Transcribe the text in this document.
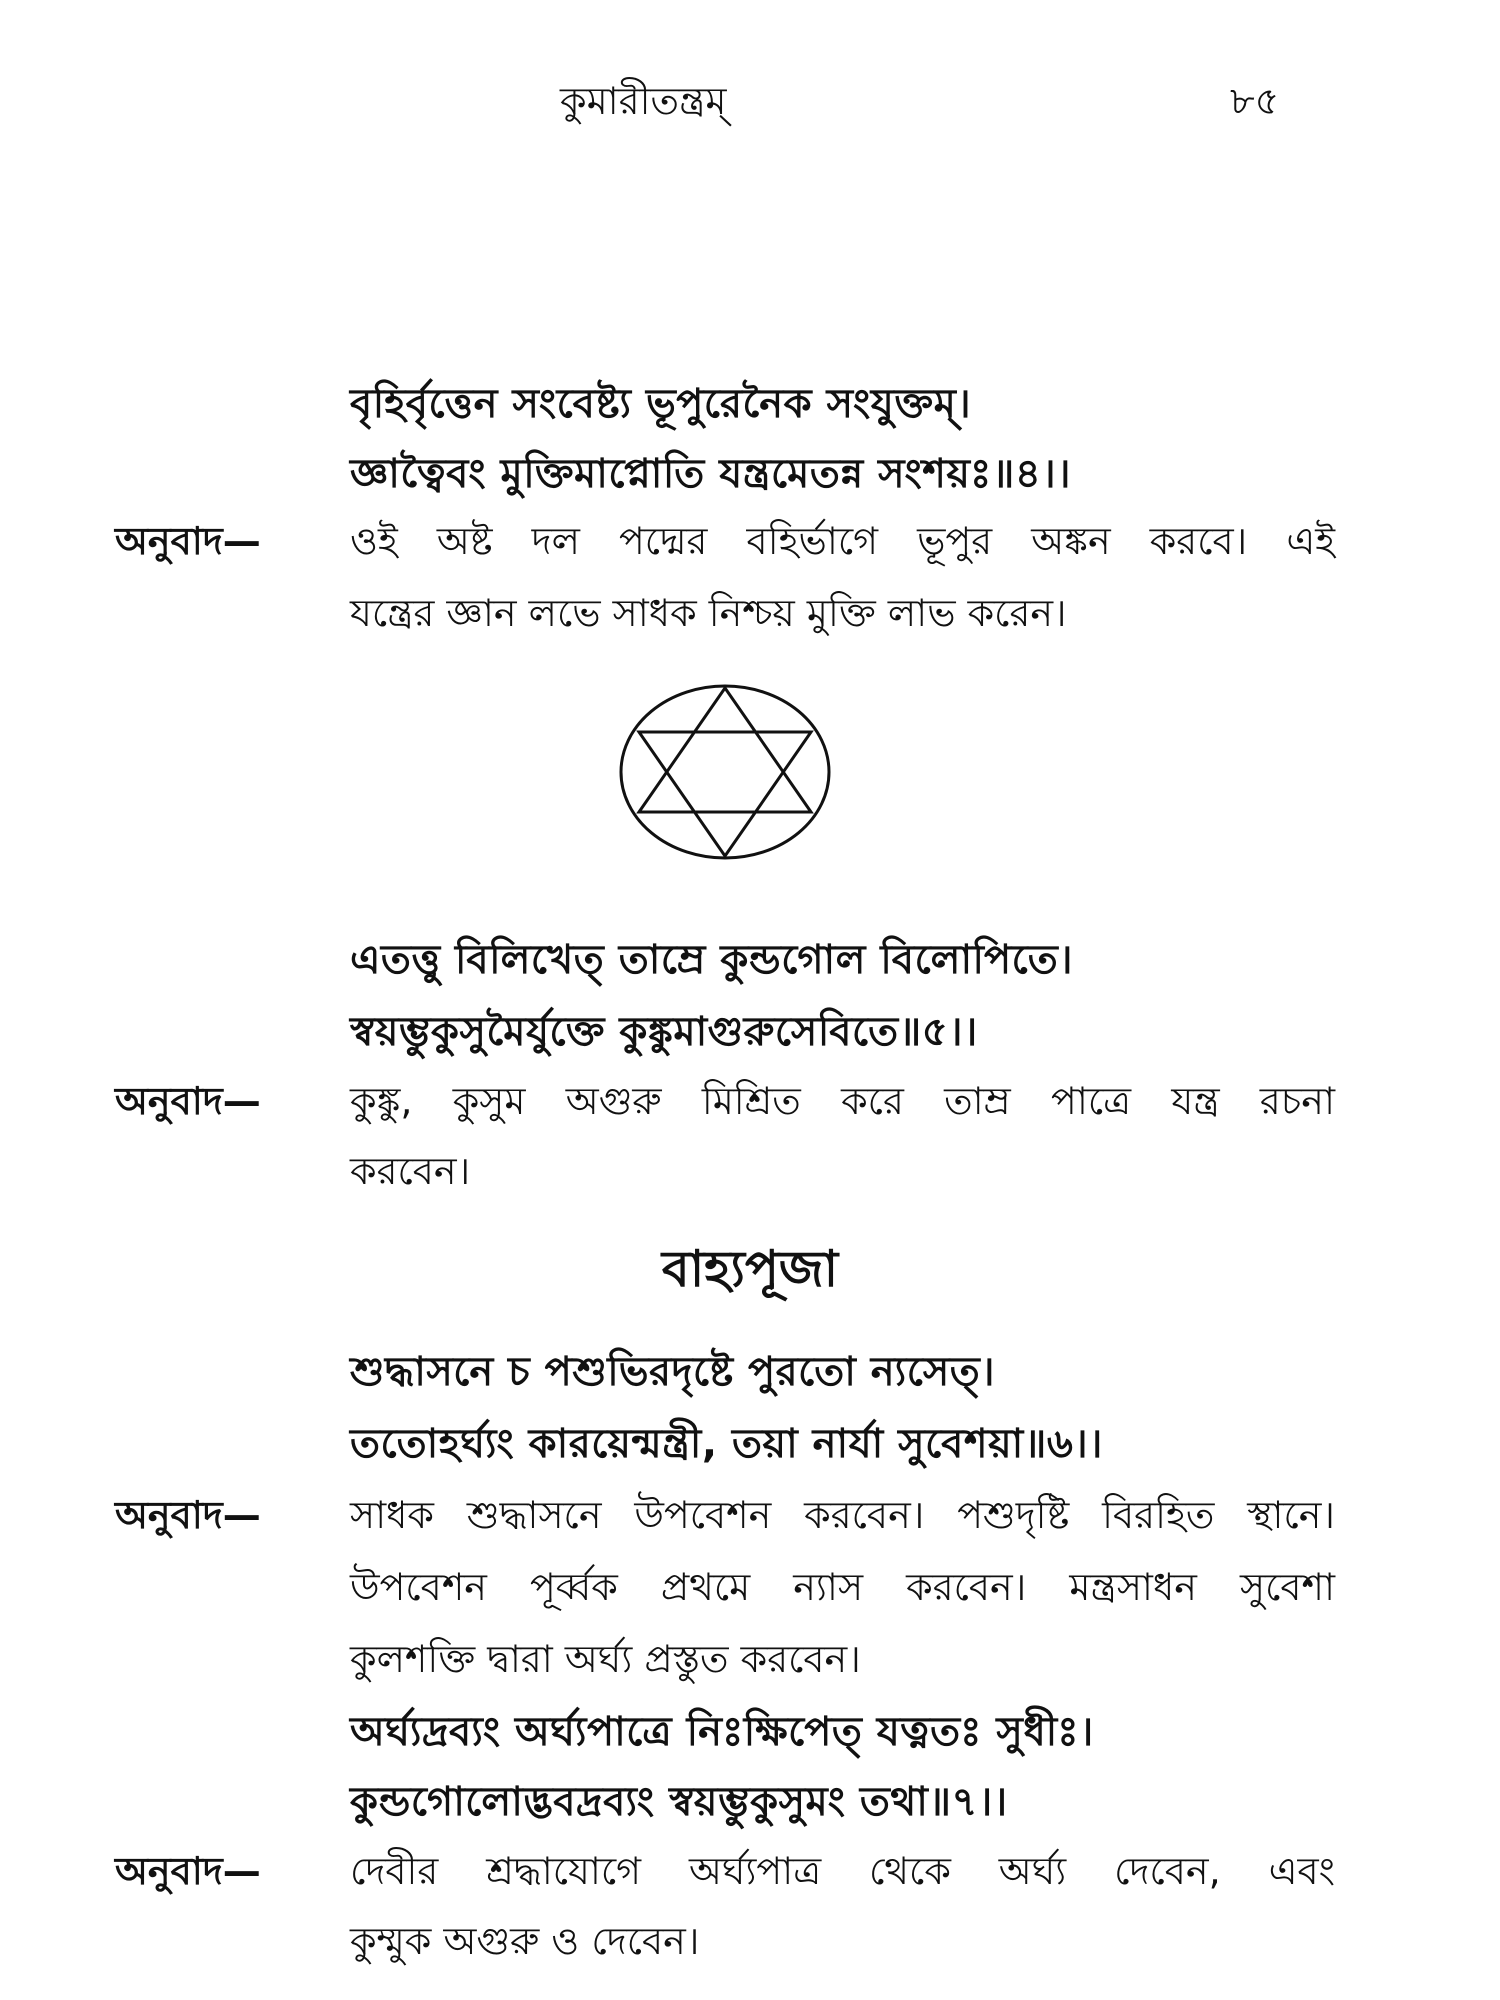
কুমারীতন্ত্রম্	৮৫
বৃহির্বৃত্তেন সংবেষ্ট্য ভূপুরেনৈক সংযুক্তম্।
জ্ঞাত্বৈবং মুক্তিমাপ্নোতি যন্ত্রমেতন্ন সংশয়ঃ॥৪।।
অনুবাদ— ওই অষ্ট দল পদ্মের বহির্ভাগে ভূপুর অঙ্কন করবে। এই
যন্ত্রের জ্ঞান লভে সাধক নিশ্চয় মুক্তি লাভ করেন।
এতত্তু বিলিখেত্ তাম্রে কুন্ডগোল বিলোপিতে।
স্বয়ম্ভুকুসুমৈর্যুক্তে কুঙ্কুমাগুরুসেবিতে॥৫।।
অনুবাদ— কুঙ্কু, কুসুম অগুরু মিশ্রিত করে তাম্র পাত্রে যন্ত্র রচনা
করবেন।
বাহ্যপূজা
শুদ্ধাসনে চ পশুভিরদৃষ্টে পুরতো ন্যসেত্।
ততোহর্ঘ্যং কারয়েন্মন্ত্রী, তয়া নার্যা সুবেশয়া॥৬।।
অনুবাদ— সাধক শুদ্ধাসনে উপবেশন করবেন। পশুদৃষ্টি বিরহিত স্থানে।
উপবেশন পূর্ব্বক প্রথমে ন্যাস করবেন। মন্ত্রসাধন সুবেশা
কুলশক্তি দ্বারা অর্ঘ্য প্রস্তুত করবেন।
অর্ঘ্যদ্রব্যং অর্ঘ্যপাত্রে নিঃক্ষিপেত্ যত্নতঃ সুধীঃ।
কুন্ডগোলোদ্ভবদ্রব্যং স্বয়ম্ভুকুসুমং তথা॥৭।।
অনুবাদ— দেবীর শ্রদ্ধাযোগে অর্ঘ্যপাত্র থেকে অর্ঘ্য দেবেন, এবং
কুম্মুক অগুরু ও দেবেন।
